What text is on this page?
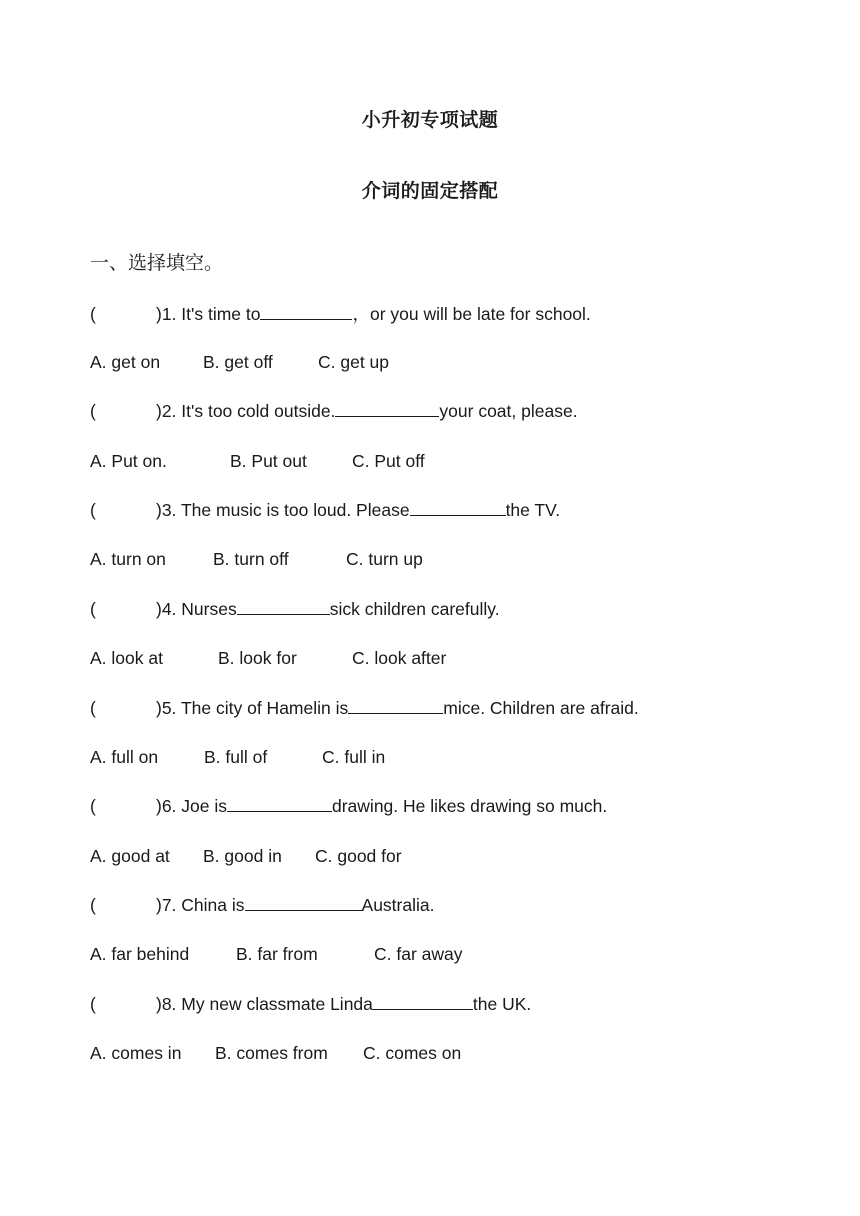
小升初专项试题
介词的固定搭配
一、选择填空。
(	)1. It's time to	，or you will be late for school.
A. get on B. get off	C. get up
(	)2. It's too cold outside.	your coat, please.
A. Put on.	B. Put out	C. Put off
(	)3. The music is too loud. Please	the TV.
A. turn on	B. turn off	C. turn up
(	)4. Nurses	sick children carefully.
A. look at	B. look for	C. look after
(	)5. The city of Hamelin is	mice. Children are afraid.
A. full on	B. full of	C. full in
(	)6. Joe is	drawing. He likes drawing so much.
A. good at B. good in C. good for
(	)7. China is	Australia.
A. far behind	B. far from	C. far away
(	)8. My new classmate Linda	the UK.
A. comes in B. comes from C. comes on
